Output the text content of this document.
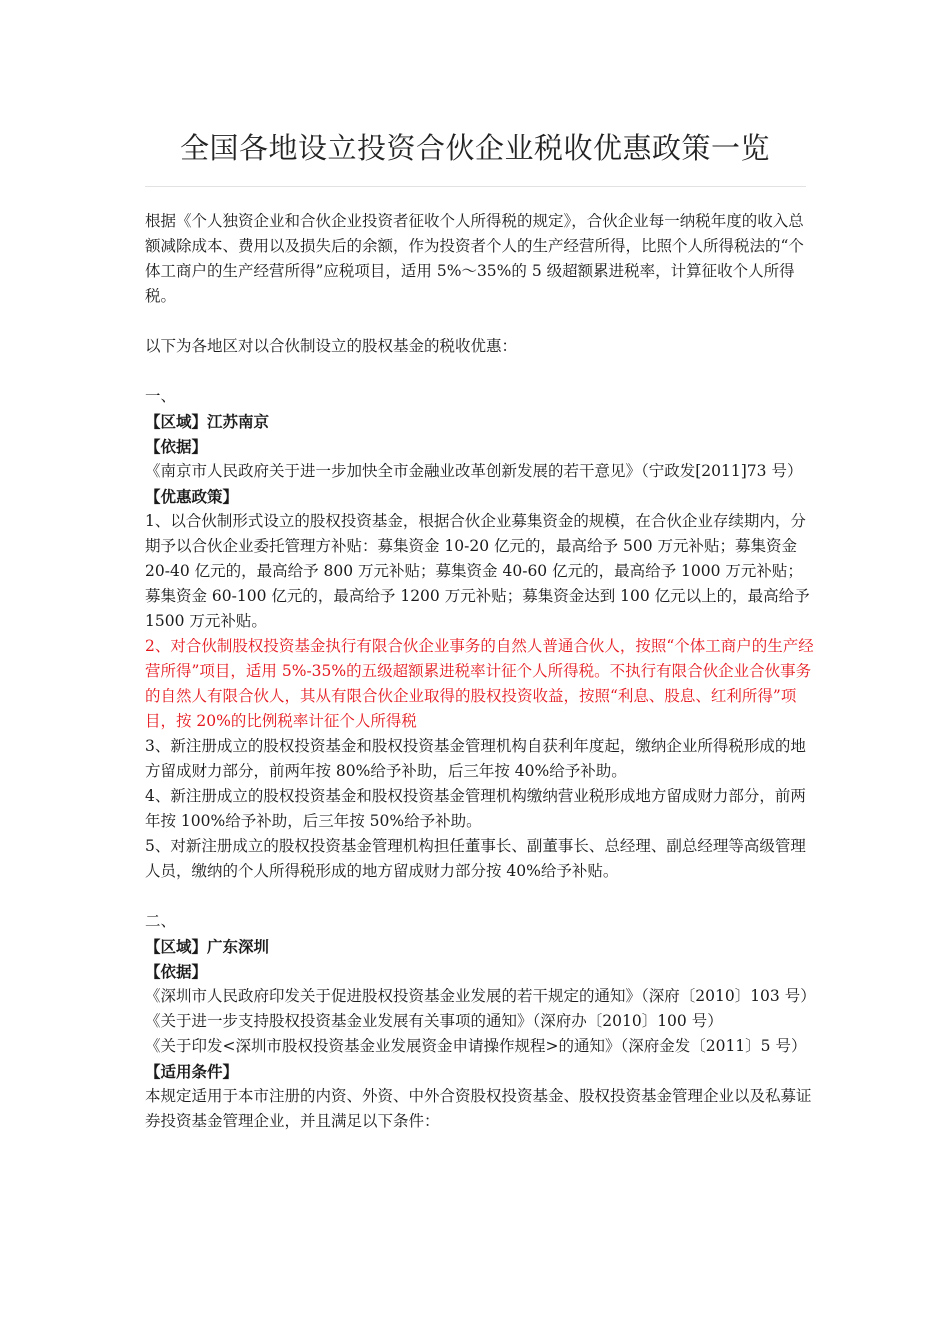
全国各地设立投资合伙企业税收优惠政策一览

根据《个人独资企业和合伙企业投资者征收个人所得税的规定》，合伙企业每一纳税年度的收入总额减除成本、费用以及损失后的余额，作为投资者个人的生产经营所得，比照个人所得税法的“个体工商户的生产经营所得”应税项目，适用 5%～35%的 5 级超额累进税率，计算征收个人所得税。

以下为各地区对以合伙制设立的股权基金的税收优惠：

一、

【区域】江苏南京

【依据】

《南京市人民政府关于进一步加快全市金融业改革创新发展的若干意见》（宁政发[2011]73 号）

【优惠政策】

1、以合伙制形式设立的股权投资基金，根据合伙企业募集资金的规模，在合伙企业存续期内，分期予以合伙企业委托管理方补贴：募集资金 10-20 亿元的，最高给予 500 万元补贴；募集资金 20-40 亿元的，最高给予 800 万元补贴；募集资金 40-60 亿元的，最高给予 1000 万元补贴；募集资金 60-100 亿元的，最高给予 1200 万元补贴；募集资金达到 100 亿元以上的，最高给予 1500 万元补贴。

2、对合伙制股权投资基金执行有限合伙企业事务的自然人普通合伙人，按照“个体工商户的生产经营所得”项目，适用 5%-35%的五级超额累进税率计征个人所得税。不执行有限合伙企业合伙事务的自然人有限合伙人，其从有限合伙企业取得的股权投资收益，按照“利息、股息、红利所得”项目，按 20%的比例税率计征个人所得税

3、新注册成立的股权投资基金和股权投资基金管理机构自获利年度起，缴纳企业所得税形成的地方留成财力部分，前两年按 80%给予补助，后三年按 40%给予补助。

4、新注册成立的股权投资基金和股权投资基金管理机构缴纳营业税形成地方留成财力部分，前两年按 100%给予补助，后三年按 50%给予补助。

5、对新注册成立的股权投资基金管理机构担任董事长、副董事长、总经理、副总经理等高级管理人员，缴纳的个人所得税形成的地方留成财力部分按 40%给予补贴。

二、

【区域】广东深圳

【依据】

《深圳市人民政府印发关于促进股权投资基金业发展的若干规定的通知》（深府〔2010〕103 号）

《关于进一步支持股权投资基金业发展有关事项的通知》（深府办〔2010〕100 号）

《关于印发<深圳市股权投资基金业发展资金申请操作规程>的通知》（深府金发〔2011〕5 号）

【适用条件】

本规定适用于本市注册的内资、外资、中外合资股权投资基金、股权投资基金管理企业以及私募证券投资基金管理企业，并且满足以下条件：
